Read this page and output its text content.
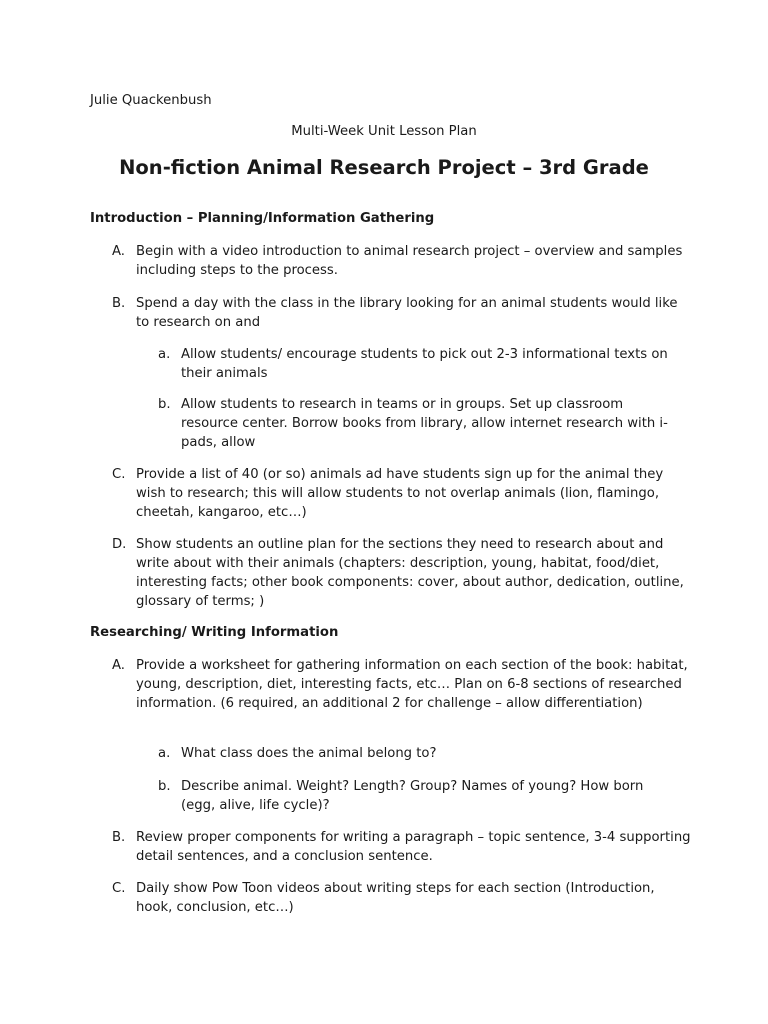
Julie Quackenbush

Multi-Week Unit Lesson Plan

Non-fiction Animal Research Project – 3rd Grade
Introduction – Planning/Information Gathering
A. Begin with a video introduction to animal research project – overview and samples including steps to the process.
B. Spend a day with the class in the library looking for an animal students would like to research on and
a. Allow students/ encourage students to pick out 2-3 informational texts on their animals
b. Allow students to research in teams or in groups. Set up classroom resource center. Borrow books from library, allow internet research with i-pads, allow
C. Provide a list of 40 (or so) animals ad have students sign up for the animal they wish to research; this will allow students to not overlap animals (lion, flamingo, cheetah, kangaroo, etc…)
D. Show students an outline plan for the sections they need to research about and write about with their animals (chapters: description, young, habitat, food/diet, interesting facts; other book components: cover, about author, dedication, outline, glossary of terms; )
Researching/ Writing Information
A. Provide a worksheet for gathering information on each section of the book: habitat, young, description, diet, interesting facts, etc… Plan on 6-8 sections of researched information. (6 required, an additional 2 for challenge – allow differentiation)
a. What class does the animal belong to?
b. Describe animal. Weight? Length? Group? Names of young? How born (egg, alive, life cycle)?
B. Review proper components for writing a paragraph – topic sentence, 3-4 supporting detail sentences, and a conclusion sentence.
C. Daily show Pow Toon videos about writing steps for each section (Introduction, hook, conclusion, etc…)
